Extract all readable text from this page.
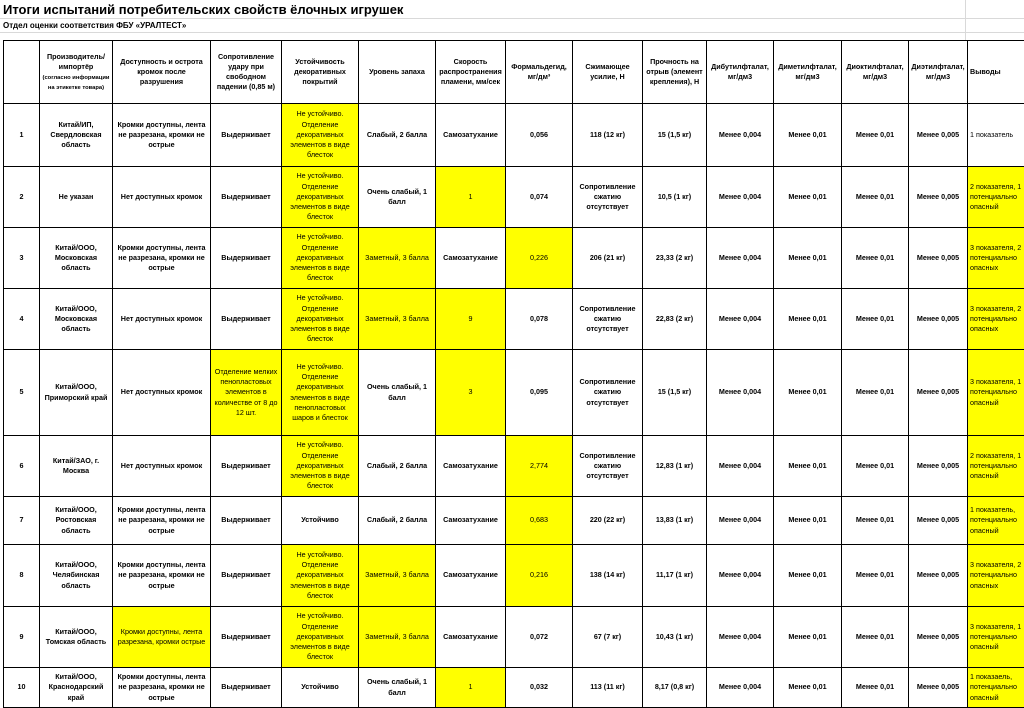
Итоги испытаний потребительских свойств ёлочных игрушек
Отдел оценки соответствия ФБУ «УРАЛТЕСТ»
	Производитель/ импортёр
(согласно информации на этикетке товара)	Доступность и острота кромок после разрушения	Сопротивление удару при свободном падении (0,85 м)	Устойчивость декоративных покрытий	Уровень запаха	Скорость распространения пламени, мм/сек	Формальдегид, мг/дм³	Сжимающее усилие, Н	Прочность на отрыв (элемент крепления), Н	Дибутилфталат, мг/дм3	Диметилфталат, мг/дм3	Диоктилфталат, мг/дм3	Диэтилфталат, мг/дм3	Выводы
1	Китай/ИП, Свердловская область	Кромки доступны, лента не разрезана, кромки не острые	Выдерживает	Не устойчиво. Отделение декоративных элементов в виде блесток	Слабый, 2 балла	Самозатухание	0,056	118 (12 кг)	15 (1,5 кг)	Менее 0,004	Менее 0,01	Менее 0,01	Менее 0,005	1 показатель
2	Не указан	Нет доступных кромок	Выдерживает	Не устойчиво. Отделение декоративных элементов в виде блесток	Очень слабый, 1 балл	1	0,074	Сопротивление сжатию отсутствует	10,5 (1 кг)	Менее 0,004	Менее 0,01	Менее 0,01	Менее 0,005	2 показателя, 1 потенциально опасный
3	Китай/ООО, Московская область	Кромки доступны, лента не разрезана, кромки не острые	Выдерживает	Не устойчиво. Отделение декоративных элементов в виде блесток	Заметный, 3 балла	Самозатухание	0,226	206 (21 кг)	23,33 (2 кг)	Менее 0,004	Менее 0,01	Менее 0,01	Менее 0,005	3 показателя, 2 потенциально опасных
4	Китай/ООО, Московская область	Нет доступных кромок	Выдерживает	Не устойчиво. Отделение декоративных элементов в виде блесток	Заметный, 3 балла	9	0,078	Сопротивление сжатию отсутствует	22,83 (2 кг)	Менее 0,004	Менее 0,01	Менее 0,01	Менее 0,005	3 показателя, 2 потенциально опасных
5	Китай/ООО, Приморский край	Нет доступных кромок	Отделение мелких пенопластовых элементов в количестве от 8 до 12 шт.	Не устойчиво. Отделение декоративных элементов в виде пенопластовых шаров и блесток	Очень слабый, 1 балл	3	0,095	Сопротивление сжатию отсутствует	15 (1,5 кг)	Менее 0,004	Менее 0,01	Менее 0,01	Менее 0,005	3 показателя, 1 потенциально опасный
6	Китай/ЗАО, г. Москва	Нет доступных кромок	Выдерживает	Не устойчиво. Отделение декоративных элементов в виде блесток	Слабый, 2 балла	Самозатухание	2,774	Сопротивление сжатию отсутствует	12,83 (1 кг)	Менее 0,004	Менее 0,01	Менее 0,01	Менее 0,005	2 показателя, 1 потенциально опасный
7	Китай/ООО, Ростовская область	Кромки доступны, лента не разрезана, кромки не острые	Выдерживает	Устойчиво	Слабый, 2 балла	Самозатухание	0,683	220 (22 кг)	13,83 (1 кг)	Менее 0,004	Менее 0,01	Менее 0,01	Менее 0,005	1 показатель, потенциально опасный
8	Китай/ООО, Челябинская область	Кромки доступны, лента не разрезана, кромки не острые	Выдерживает	Не устойчиво. Отделение декоративных элементов в виде блесток	Заметный, 3 балла	Самозатухание	0,216	138 (14 кг)	11,17 (1 кг)	Менее 0,004	Менее 0,01	Менее 0,01	Менее 0,005	3 показателя, 2 потенциально опасных
9	Китай/ООО, Томская область	Кромки доступны, лента разрезана, кромки острые	Выдерживает	Не устойчиво. Отделение декоративных элементов в виде блесток	Заметный, 3 балла	Самозатухание	0,072	67 (7 кг)	10,43 (1 кг)	Менее 0,004	Менее 0,01	Менее 0,01	Менее 0,005	3 показателя, 1 потенциально опасный
10	Китай/ООО, Краснодарский край	Кромки доступны, лента не разрезана, кромки не острые	Выдерживает	Устойчиво	Очень слабый, 1 балл	1	0,032	113 (11 кг)	8,17 (0,8 кг)	Менее 0,004	Менее 0,01	Менее 0,01	Менее 0,005	1 показаель, потенциально опасный
